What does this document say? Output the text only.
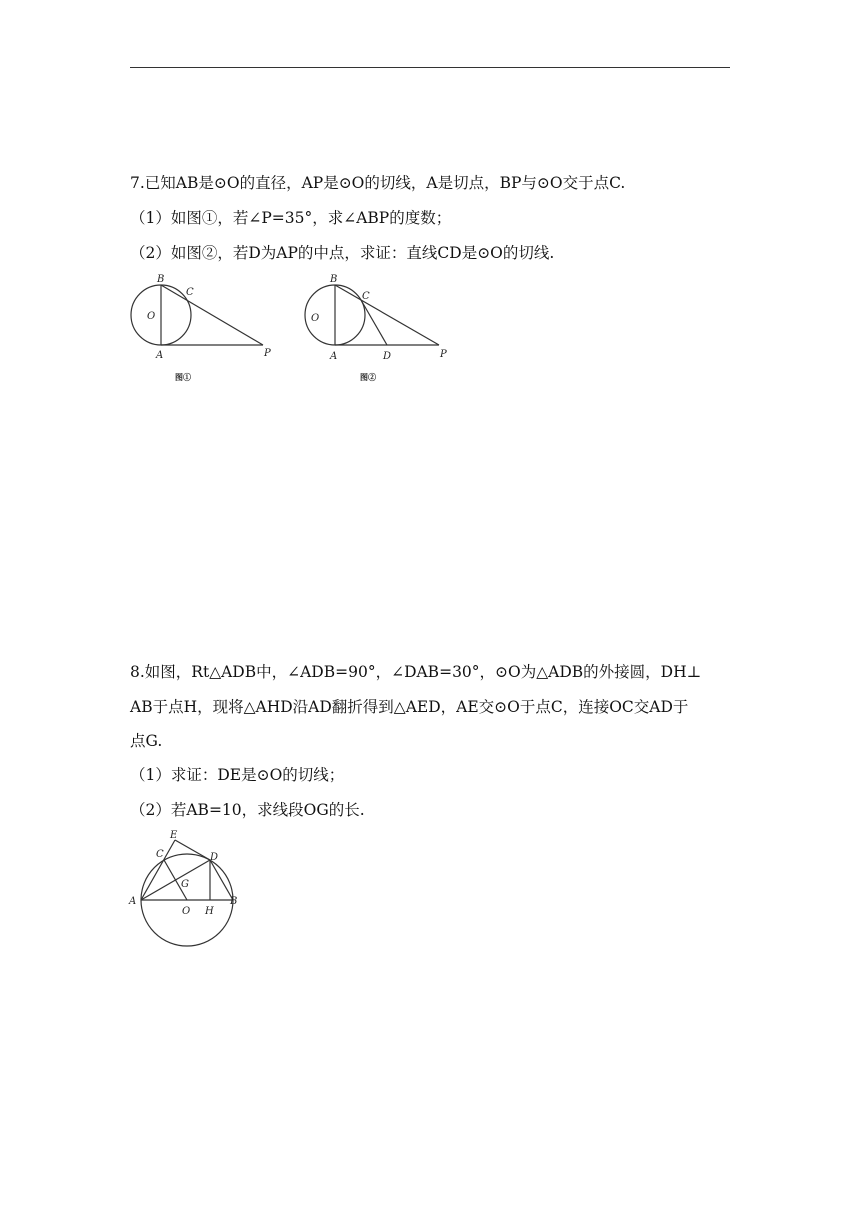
7.已知AB是⊙O的直径，AP是⊙O的切线，A是切点，BP与⊙O交于点C.
（1）如图①，若∠P=35°，求∠ABP的度数；
（2）如图②，若D为AP的中点，求证：直线CD是⊙O的切线.
B
C
O
A	P
图①
B
C
O
A	D	P
图②
8.如图，Rt△ADB中，∠ADB=90°，∠DAB=30°，⊙O为△ADB的外接圆，DH⊥
AB于点H，现将△AHD沿AD翻折得到△AED，AE交⊙O于点C，连接OC交AD于
点G.
（1）求证：DE是⊙O的切线；
（2）若AB=10，求线段OG的长.
E
C	D
G
A
O H
B
